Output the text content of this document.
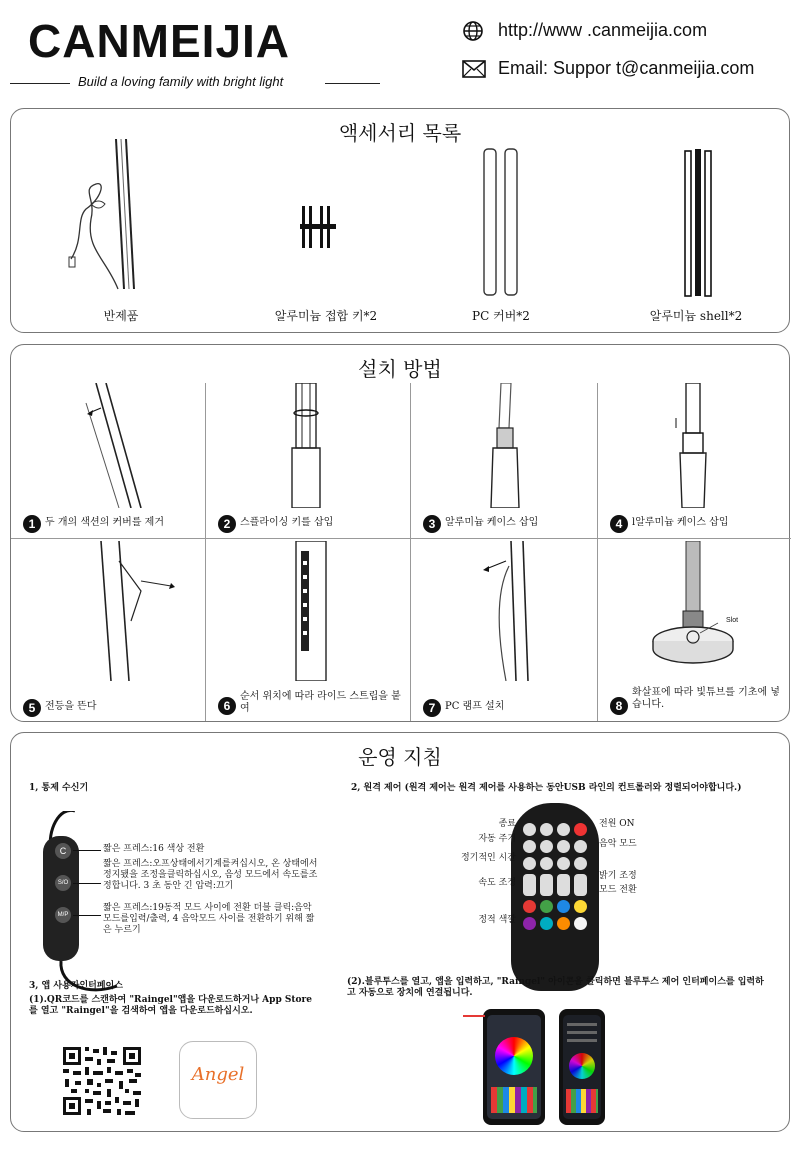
CANMEIJIA
Build a loving family with bright light
http://www .canmeijia.com
Email: Suppor t@canmeijia.com
액세서리 목록
반제품	알루미늄 접합 키*2	PC 커버*2	알루미늄 shell*2
설치 방법
1 두 개의 색션의 커버를 제거	2 스플라이싱 키를 삽입	3 알루미늄 케이스 삽입	4 l알루미늄 케이스 삽입
5 전등을 뜬다	6
순서 위치에 따라 라이드 스트립을 붙여	7 PC 램프 설치
Slot
8
화살표에 따라 빛튜브를 기초에 넣습니다.
운영 지침
1, 통제 수신기
C
S/O
M/P
짧은 프레스:16 색상 전환
짧은 프레스:오프상태에서기계를켜십시오, 온 상태에서 정지됐을 조정을클릭하십시오, 음성 모드에서 속도를조정합니다. 3 초 동안 긴 압력:끄기
짧은 프레스:19동적 모드 사이에 전환 더블 클릭:음악모드를입력/출력, 4 음악모드 사이를 전환하기 위해 짧은 누르기
2, 원격 제어 (원격 제어는 원격 제어를 사용하는 동안USB 라인의 컨트롤러와 정렬되어야합니다.)
종료
자동 주기
정기적인 시간
속도 조정
정적 색깔
전원 ON
음악 모드
밝기 조정
모드 전환
3, 앱 사용자인터페이스
(1).QR코드를 스캔하여 "Raingel"앱을 다운로드하거나 App Store를 열고 "Raingel"을 검색하여 앱을 다운로드하십시오.
Angel
(2).블루투스를 열고, 앱을 입력하고, "Raingel" 아이콘을 클릭하면 블루투스 제어 인터페이스를 입력하고 자동으로 장치에 연결됩니다.
